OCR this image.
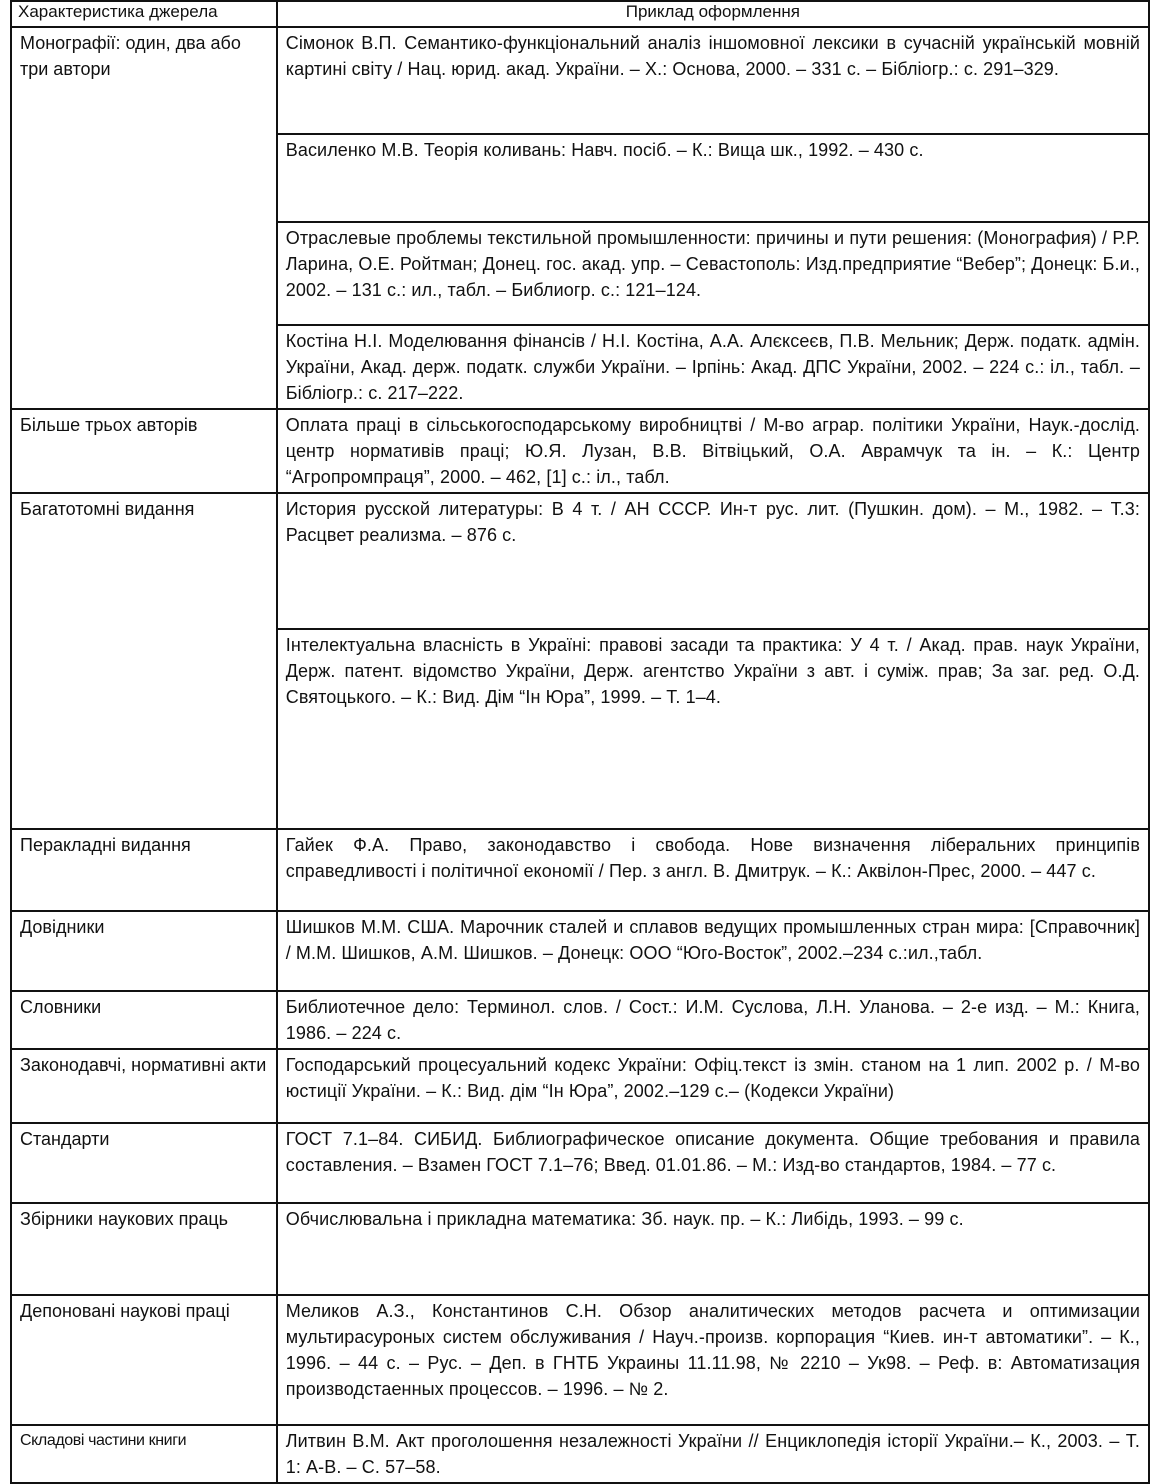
Характеристика джерела	Приклад оформлення
Монографії: один, два або три автори	Сімонок В.П. Семантико-функціональний аналіз іншомовної лексики в сучасній українській мовній картині світу / Нац. юрид. акад. України. – Х.: Основа, 2000. – 331 с. – Бібліогр.: с. 291–329.
	Василенко М.В. Теорія коливань: Навч. посіб. – К.: Вища шк., 1992. – 430 с.
	Отраслевые проблемы текстильной промышленности: причины и пути решения: (Монография) / Р.Р. Ларина, О.Е. Ройтман; Донец. гос. акад. упр. – Севастополь: Изд.предприятие “Вебер”; Донецк: Б.и., 2002. – 131 с.: ил., табл. – Библиогр. с.: 121–124.
	Костіна Н.І. Моделювання фінансів / Н.І. Костіна, А.А. Алєксеєв, П.В. Мельник; Держ. податк. адмін. України, Акад. держ. податк. служби України. – Ірпінь: Акад. ДПС України, 2002. – 224 с.: іл., табл. – Бібліогр.: с. 217–222.
Більше трьох авторів	Оплата праці в сільськогосподарському виробництві / М-во аграр. політики України, Наук.-дослід. центр нормативів праці; Ю.Я. Лузан, В.В. Вітвіцький, О.А. Аврамчук та ін. – К.: Центр “Агропромпраця”, 2000. – 462, [1] с.: іл., табл.
Багатотомні видання	История русской литературы: В 4 т. / АН СССР. Ин-т рус. лит. (Пушкин. дом). – М., 1982. – Т.3: Расцвет реализма. – 876 с.
	Інтелектуальна власність в Україні: правові засади та практика: У 4 т. / Акад. прав. наук України, Держ. патент. відомство України, Держ. агентство України з авт. і суміж. прав; За заг. ред. О.Д. Святоцького. – К.: Вид. Дім “Ін Юра”, 1999. – Т. 1–4.
Перакладні видання	Гайек Ф.А. Право, законодавство і свобода. Нове визначення ліберальних принципів справедливості і політичної економії / Пер. з англ. В. Дмитрук. – К.: Аквілон-Прес, 2000. – 447 с.
Довідники	Шишков М.М. США. Марочник сталей и сплавов ведущих промышленных стран мира: [Справочник] / М.М. Шишков, А.М. Шишков. – Донецк: ООО “Юго-Восток”, 2002.–234 с.:ил.,табл.
Словники	Библиотечное дело: Терминол. слов. / Сост.: И.М. Суслова, Л.Н. Уланова. – 2-е изд. – М.: Книга, 1986. – 224 с.
Законодавчі, нормативні акти	Господарський процесуальний кодекс України: Офіц.текст із змін. станом на 1 лип. 2002 р. / М-во юстиції України. – К.: Вид. дім “Ін Юра”, 2002.–129 с.– (Кодекси України)
Стандарти	ГОСТ 7.1–84. СИБИД. Библиографическое описание документа. Общие требования и правила составления. – Взамен ГОСТ 7.1–76; Введ. 01.01.86. – М.: Изд-во стандартов, 1984. – 77 с.
Збірники наукових праць	Обчислювальна і прикладна математика: Зб. наук. пр. – К.: Либідь, 1993. – 99 с.
Депоновані наукові праці	Меликов А.З., Константинов С.Н. Обзор аналитических методов расчета и оптимизации мультирасуроных систем обслуживания / Науч.-произв. корпорация “Киев. ин-т автоматики”. – К., 1996. – 44 с. – Рус. – Деп. в ГНТБ Украины 11.11.98, № 2210 – Ук98. – Реф. в: Автоматизация производстаенных процессов. – 1996. – № 2.
Складові частини книги	Литвин В.М. Акт проголошення незалежності України // Енциклопедія історії України.– К., 2003. – Т. 1: А-В. – С. 57–58.
